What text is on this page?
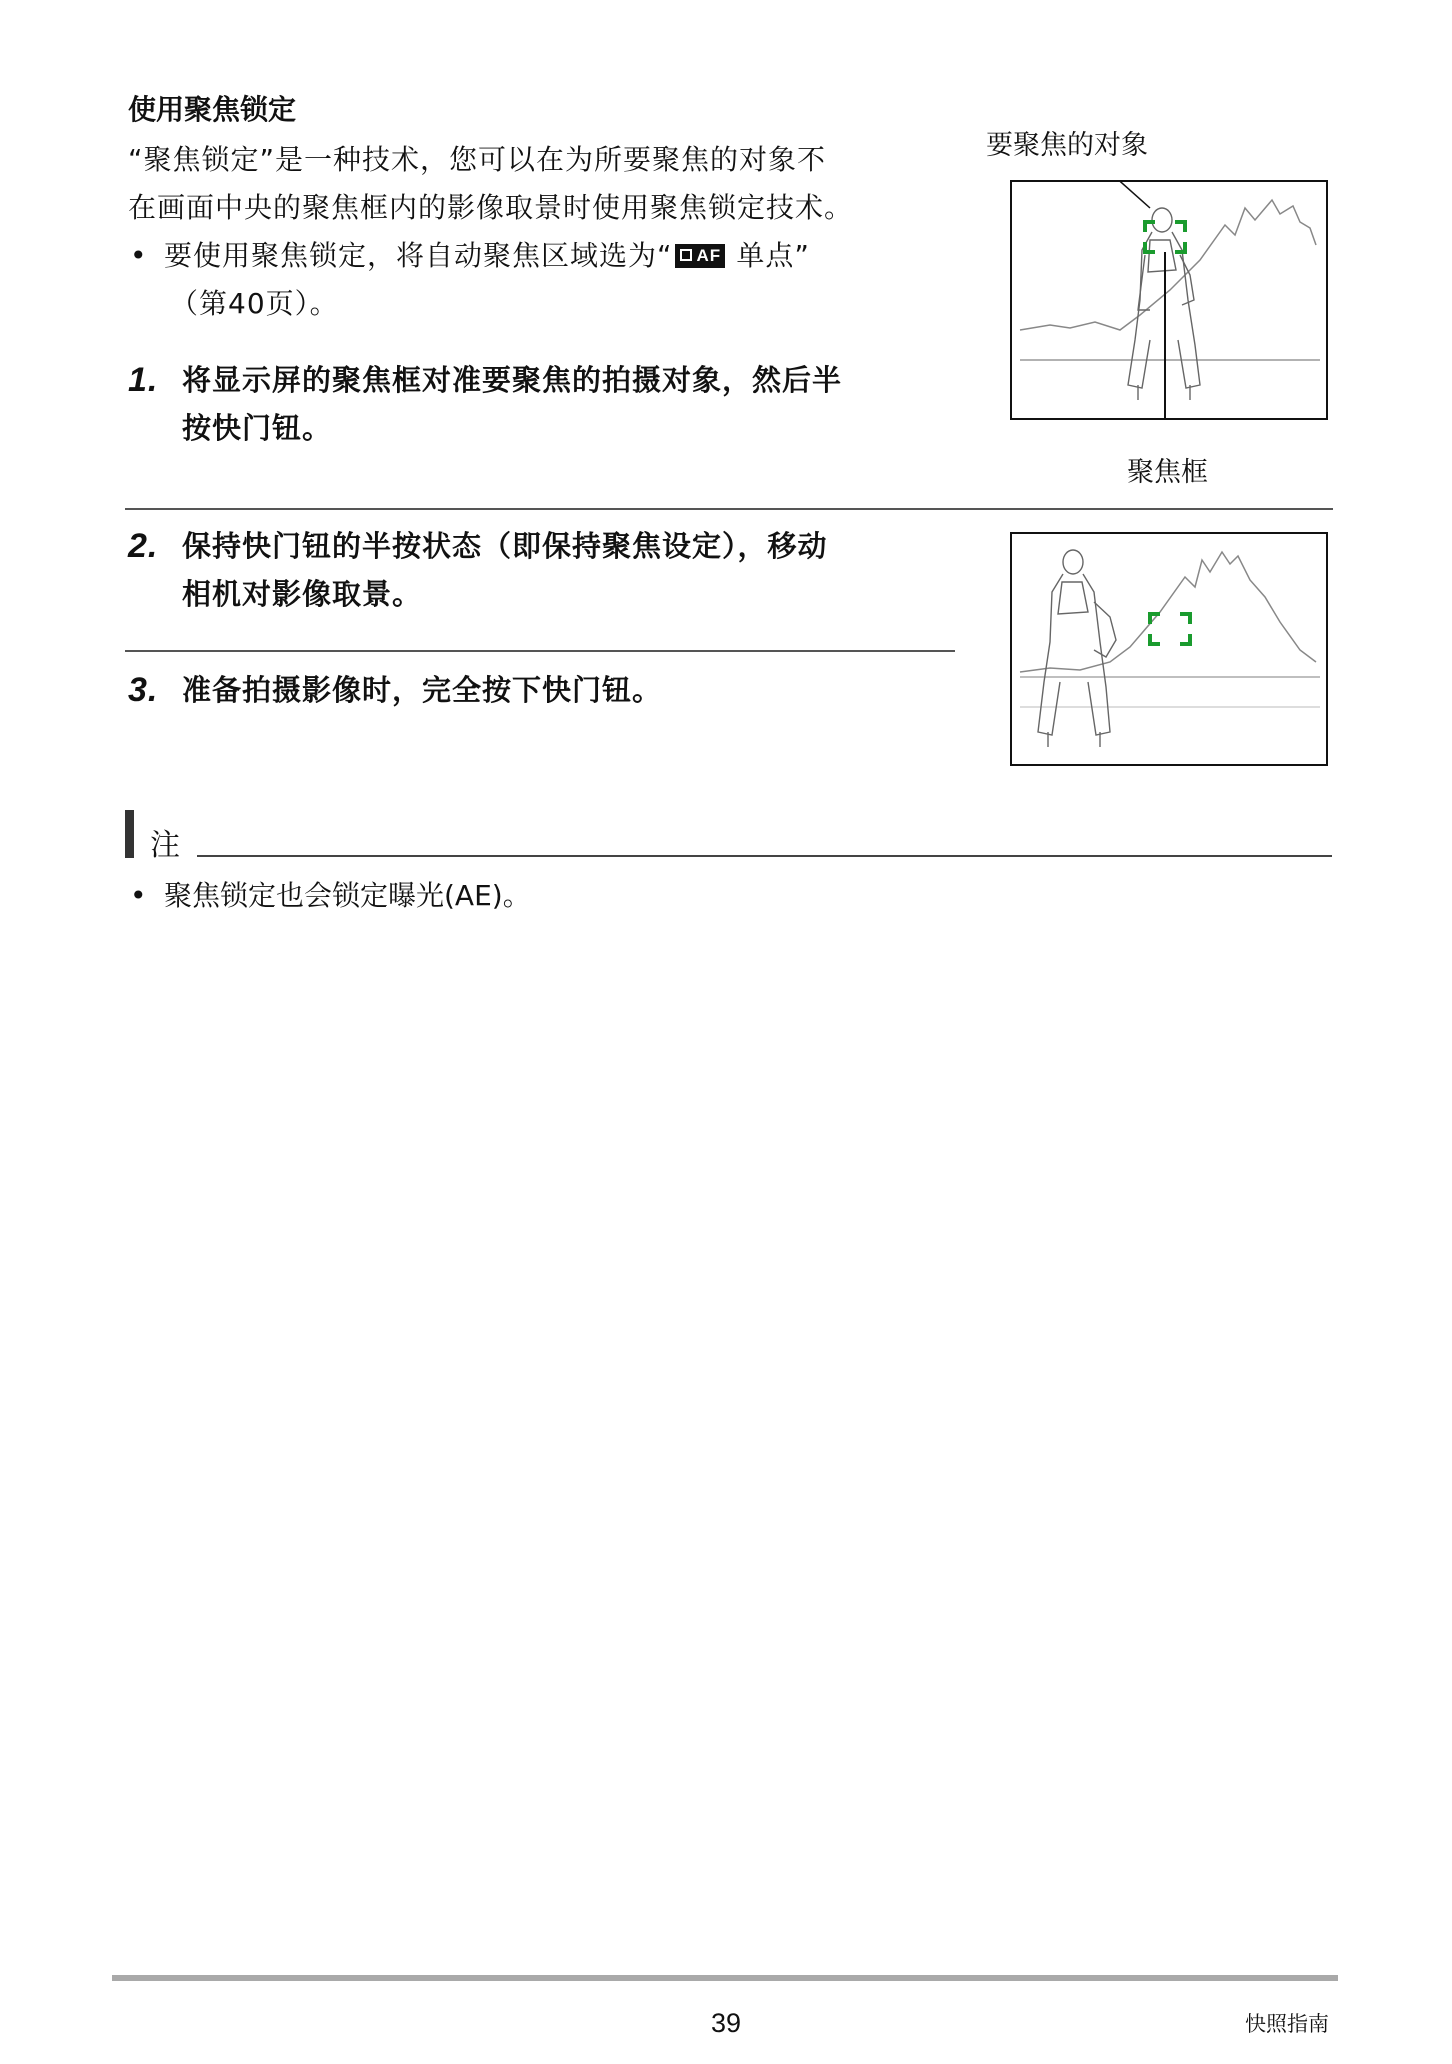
使用聚焦锁定

“聚焦锁定”是一种技术，您可以在为所要聚焦的对象不

在画面中央的聚焦框内的影像取景时使用聚焦锁定技术。

• 要使用聚焦锁定，将自动聚焦区域选为“ AF 单点”
（第40页）。
1. 将显示屏的聚焦框对准要聚焦的拍摄对象，然后半
按快门钮。
2. 保持快门钮的半按状态（即保持聚焦设定），移动
相机对影像取景。
3. 准备拍摄影像时，完全按下快门钮。
要聚焦的对象
聚焦框
注
• 聚焦锁定也会锁定曝光(AE)。
39	快照指南
